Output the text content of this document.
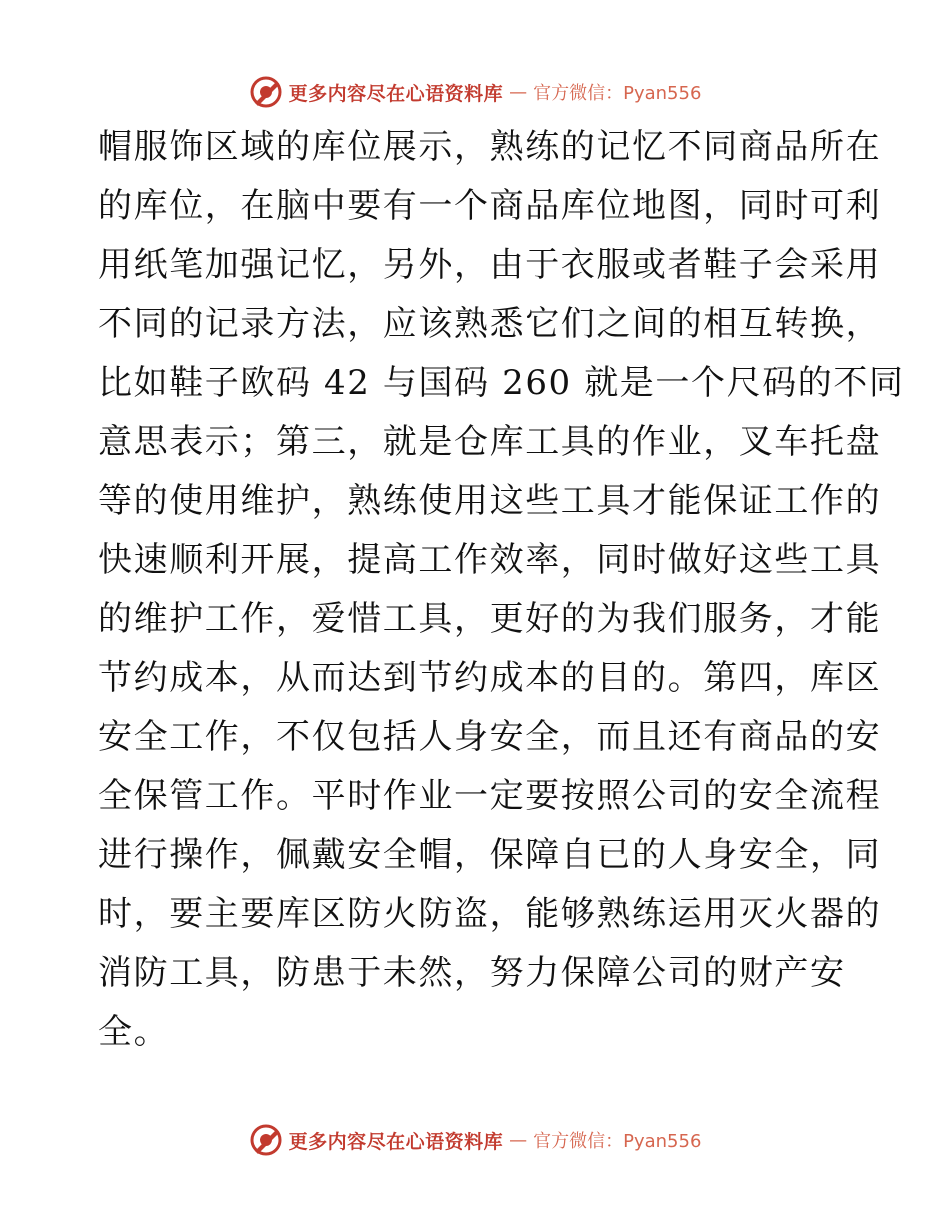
更多内容尽在心语资料库 — 官方微信：Pyan556
帽服饰区域的库位展示，熟练的记忆不同商品所在
的库位，在脑中要有一个商品库位地图，同时可利
用纸笔加强记忆，另外，由于衣服或者鞋子会采用
不同的记录方法，应该熟悉它们之间的相互转换，
比如鞋子欧码 42 与国码 260 就是一个尺码的不同
意思表示；第三，就是仓库工具的作业，叉车托盘
等的使用维护，熟练使用这些工具才能保证工作的
快速顺利开展，提高工作效率，同时做好这些工具
的维护工作，爱惜工具，更好的为我们服务，才能
节约成本，从而达到节约成本的目的。第四，库区
安全工作，不仅包括人身安全，而且还有商品的安
全保管工作。平时作业一定要按照公司的安全流程
进行操作，佩戴安全帽，保障自已的人身安全，同
时，要主要库区防火防盗，能够熟练运用灭火器的
消防工具，防患于未然，努力保障公司的财产安
全。
更多内容尽在心语资料库 — 官方微信：Pyan556
